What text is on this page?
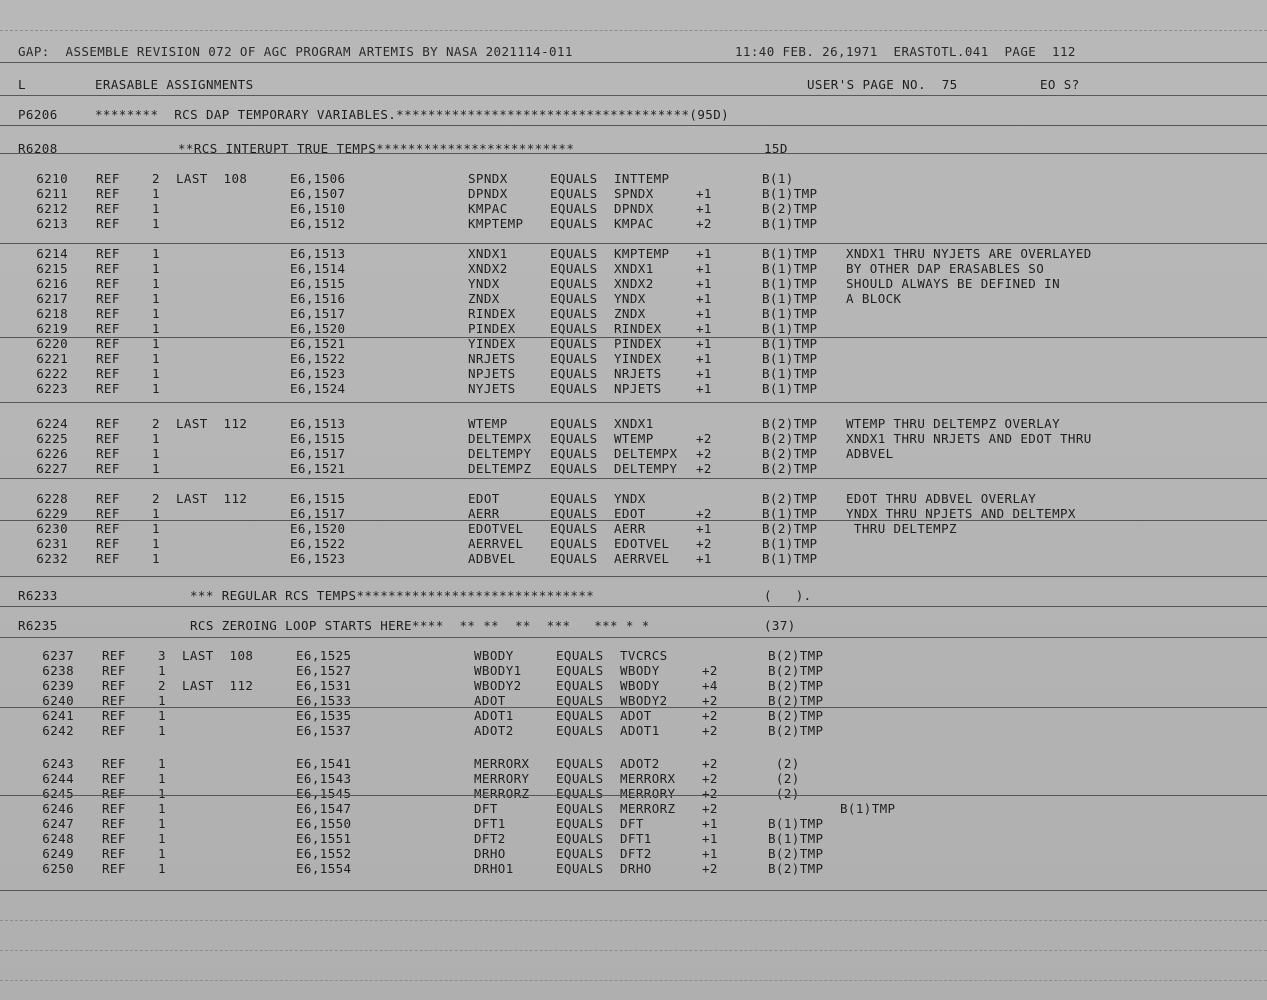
GAP:  ASSEMBLE REVISION 072 OF AGC PROGRAM ARTEMIS BY NASA 2021114-011

	11:40 FEB. 26,1971  ERASTOTL.041  PAGE  112

L

	ERASABLE ASSIGNMENTS

	USER'S PAGE NO.  75

	EO S?

P6206	********  RCS DAP TEMPORARY VARIABLES.*************************************(95D)
R6208	**RCS INTERUPT TRUE TEMPS*************************	15D
6210 REF	2 LAST  108	E6,1506	SPNDX	EQUALS INTTEMP	B(1)
6211 REF	1	E6,1507	DPNDX	EQUALS SPNDX	+1	B(1)TMP
6212 REF	1	E6,1510	KMPAC	EQUALS DPNDX	+1	B(2)TMP
6213 REF	1	E6,1512	KMPTEMP EQUALS KMPAC	+2	B(1)TMP
6214 REF	1	E6,1513	XNDX1	EQUALS KMPTEMP +1	B(1)TMP XNDX1 THRU NYJETS ARE OVERLAYED
6215 REF	1	E6,1514	XNDX2	EQUALS XNDX1	+1	B(1)TMP BY OTHER DAP ERASABLES SO
6216 REF	1	E6,1515	YNDX	EQUALS XNDX2	+1	B(1)TMP SHOULD ALWAYS BE DEFINED IN
6217 REF	1	E6,1516	ZNDX	EQUALS YNDX	+1	B(1)TMP A BLOCK
6218 REF	1	E6,1517	RINDEX	EQUALS ZNDX	+1	B(1)TMP
6219 REF	1	E6,1520	PINDEX	EQUALS RINDEX	+1	B(1)TMP
6220 REF	1	E6,1521	YINDEX	EQUALS PINDEX	+1	B(1)TMP
6221 REF	1	E6,1522	NRJETS	EQUALS YINDEX	+1	B(1)TMP
6222 REF	1	E6,1523	NPJETS	EQUALS NRJETS	+1	B(1)TMP
6223 REF	1	E6,1524	NYJETS	EQUALS NPJETS	+1	B(1)TMP
6224 REF	2 LAST  112	E6,1513	WTEMP	EQUALS XNDX1	B(2)TMP WTEMP THRU DELTEMPZ OVERLAY
6225 REF	1	E6,1515	DELTEMPX EQUALS WTEMP	+2	B(2)TMP XNDX1 THRU NRJETS AND EDOT THRU
6226 REF	1	E6,1517	DELTEMPY EQUALS DELTEMPX +2	B(2)TMP ADBVEL
6227 REF	1	E6,1521	DELTEMPZ EQUALS DELTEMPY +2	B(2)TMP
6228 REF	2 LAST  112	E6,1515	EDOT	EQUALS YNDX	B(2)TMP EDOT THRU ADBVEL OVERLAY
6229 REF	1	E6,1517	AERR	EQUALS EDOT	+2	B(1)TMP YNDX THRU NPJETS AND DELTEMPX
6230 REF	1	E6,1520	EDOTVEL EQUALS AERR	+1	B(2)TMP THRU DELTEMPZ
6231 REF	1	E6,1522	AERRVEL EQUALS EDOTVEL +2	B(1)TMP
6232 REF	1	E6,1523	ADBVEL	EQUALS AERRVEL +1	B(1)TMP
R6233	*** REGULAR RCS TEMPS******************************	(   ).
R6235	RCS ZEROING LOOP STARTS HERE****  ** **  **  ***   *** * *	(37)
6237 REF	3 LAST  108	E6,1525	WBODY	EQUALS TVCRCS	B(2)TMP
6238 REF	1	E6,1527	WBODY1	EQUALS WBODY	+2	B(2)TMP
6239 REF	2 LAST  112	E6,1531	WBODY2	EQUALS WBODY	+4	B(2)TMP
6240 REF	1	E6,1533	ADOT	EQUALS WBODY2	+2	B(2)TMP
6241 REF	1	E6,1535	ADOT1	EQUALS ADOT	+2	B(2)TMP
6242 REF	1	E6,1537	ADOT2	EQUALS ADOT1	+2	B(2)TMP
6243 REF	1	E6,1541	MERRORX EQUALS ADOT2	+2	(2)
6244 REF	1	E6,1543	MERRORY EQUALS MERRORX +2	(2)
6245 REF	1	E6,1545	MERRORZ EQUALS MERRORY +2	(2)
6246 REF	1	E6,1547	DFT	EQUALS MERRORZ +2	B(1)TMP
6247 REF	1	E6,1550	DFT1	EQUALS DFT	+1	B(1)TMP
6248 REF	1	E6,1551	DFT2	EQUALS DFT1	+1	B(1)TMP
6249 REF	1	E6,1552	DRHO	EQUALS DFT2	+1	B(2)TMP
6250 REF	1	E6,1554	DRHO1	EQUALS DRHO	+2	B(2)TMP
